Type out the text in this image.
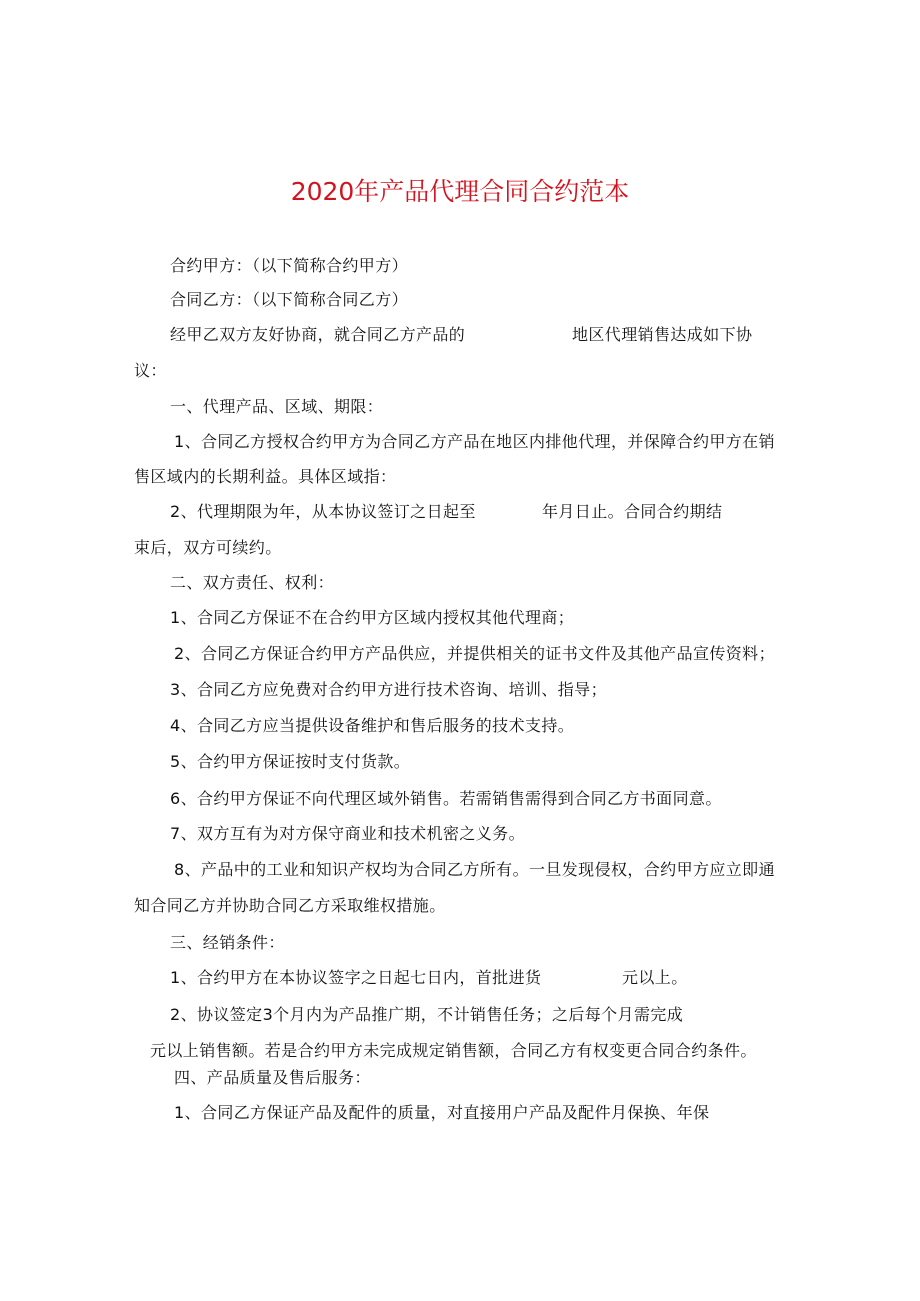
2020年产品代理合同合约范本
合约甲方：（以下简称合约甲方）
合同乙方：（以下简称合同乙方）
经甲乙双方友好协商，就合同乙方产品的	地区代理销售达成如下协
议：
一、代理产品、区域、期限：
1、合同乙方授权合约甲方为合同乙方产品在地区内排他代理，并保障合约甲方在销
售区域内的长期利益。具体区域指：
2、代理期限为年，从本协议签订之日起至	年月日止。合同合约期结
束后，双方可续约。
二、双方责任、权利：
1、合同乙方保证不在合约甲方区域内授权其他代理商；
2、合同乙方保证合约甲方产品供应，并提供相关的证书文件及其他产品宣传资料；
3、合同乙方应免费对合约甲方进行技术咨询、培训、指导；
4、合同乙方应当提供设备维护和售后服务的技术支持。
5、合约甲方保证按时支付货款。
6、合约甲方保证不向代理区域外销售。若需销售需得到合同乙方书面同意。
7、双方互有为对方保守商业和技术机密之义务。
8、产品中的工业和知识产权均为合同乙方所有。一旦发现侵权，合约甲方应立即通
知合同乙方并协助合同乙方采取维权措施。
三、经销条件：
1、合约甲方在本协议签字之日起七日内，首批进货	元以上。
2、协议签定3个月内为产品推广期，不计销售任务；之后每个月需完成
元以上销售额。若是合约甲方未完成规定销售额，合同乙方有权变更合同合约条件。
四、产品质量及售后服务：
1、合同乙方保证产品及配件的质量，对直接用户产品及配件月保换、年保
